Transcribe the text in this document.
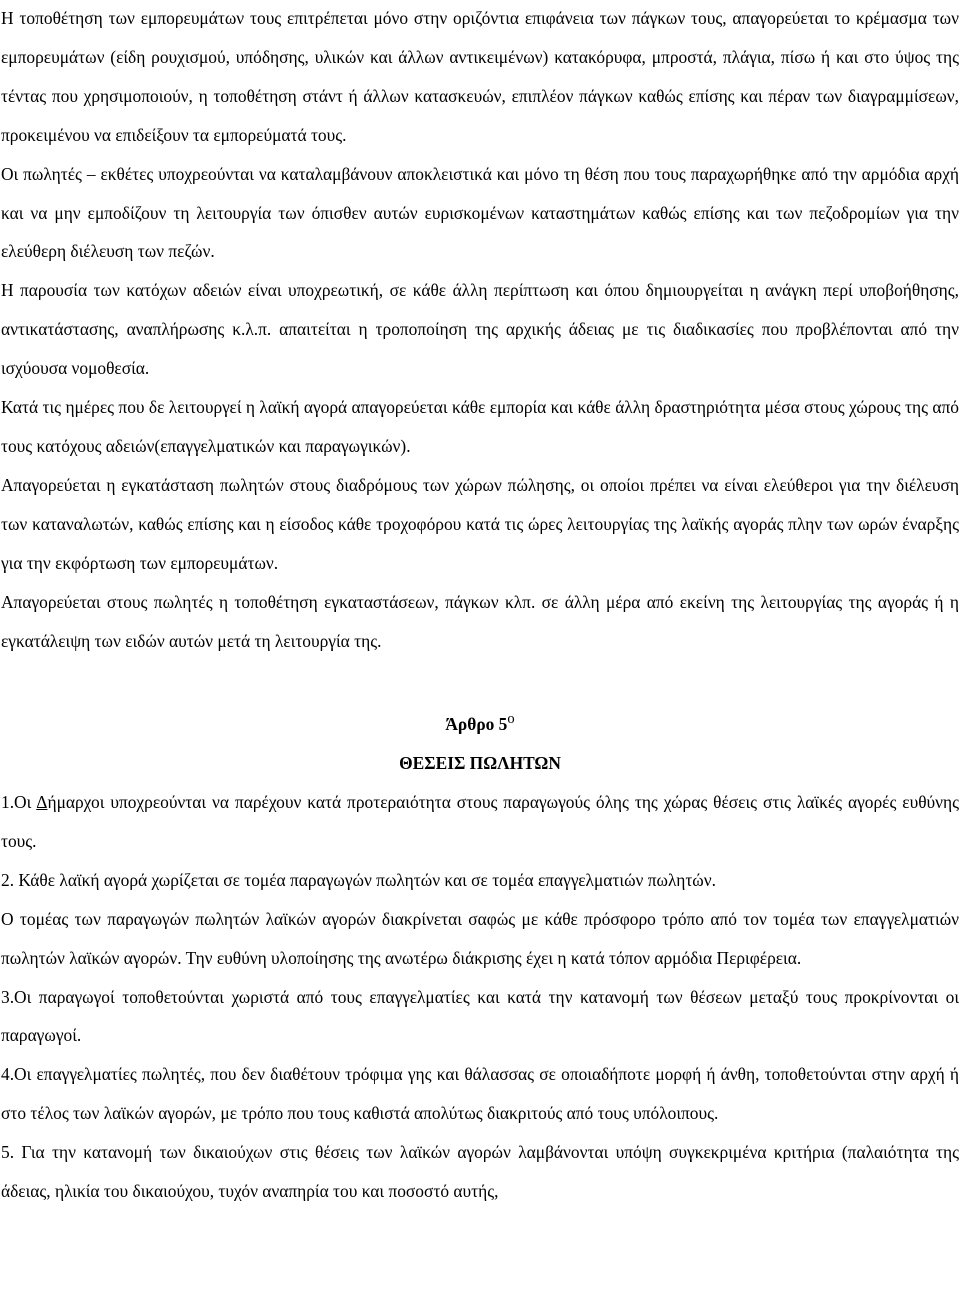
Η τοποθέτηση των εμπορευμάτων τους επιτρέπεται μόνο στην οριζόντια επιφάνεια των πάγκων τους, απαγορεύεται το κρέμασμα των εμπορευμάτων (είδη ρουχισμού, υπόδησης, υλικών και άλλων αντικειμένων) κατακόρυφα, μπροστά, πλάγια, πίσω ή και στο ύψος της τέντας που χρησιμοποιούν, η τοποθέτηση στάντ ή άλλων κατασκευών, επιπλέον πάγκων καθώς επίσης και πέραν των διαγραμμίσεων, προκειμένου να επιδείξουν τα εμπορεύματά τους.

Οι πωλητές – εκθέτες υποχρεούνται να καταλαμβάνουν αποκλειστικά και μόνο τη θέση που τους παραχωρήθηκε από την αρμόδια αρχή και να μην εμποδίζουν τη λειτουργία των όπισθεν αυτών ευρισκομένων καταστημάτων καθώς επίσης και των πεζοδρομίων για την ελεύθερη διέλευση των πεζών.

Η παρουσία των κατόχων αδειών είναι υποχρεωτική, σε κάθε άλλη περίπτωση και όπου δημιουργείται η ανάγκη περί υποβοήθησης, αντικατάστασης, αναπλήρωσης κ.λ.π. απαιτείται η τροποποίηση της αρχικής άδειας με τις διαδικασίες που προβλέπονται από την ισχύουσα νομοθεσία.

Κατά τις ημέρες που δε λειτουργεί η λαϊκή αγορά απαγορεύεται κάθε εμπορία και κάθε άλλη δραστηριότητα μέσα στους χώρους της από τους κατόχους αδειών(επαγγελματικών και παραγωγικών).

Απαγορεύεται η εγκατάσταση πωλητών στους διαδρόμους των χώρων πώλησης, οι οποίοι πρέπει να είναι ελεύθεροι για την διέλευση των καταναλωτών, καθώς επίσης και η είσοδος κάθε τροχοφόρου κατά τις ώρες λειτουργίας της λαϊκής αγοράς πλην των ωρών έναρξης για την εκφόρτωση των εμπορευμάτων.

Απαγορεύεται στους πωλητές η τοποθέτηση εγκαταστάσεων, πάγκων κλπ. σε άλλη μέρα από εκείνη της λειτουργίας της αγοράς ή η εγκατάλειψη των ειδών αυτών μετά τη λειτουργία της.

Άρθρο $5^o$

ΘΕΣΕΙΣ ΠΩΛΗΤΩΝ

1.Οι Δήμαρχοι υποχρεούνται να παρέχουν κατά προτεραιότητα στους παραγωγούς όλης της χώρας θέσεις στις λαϊκές αγορές ευθύνης τους.

2. Κάθε λαϊκή αγορά χωρίζεται σε τομέα παραγωγών πωλητών και σε τομέα επαγγελματιών πωλητών.

Ο τομέας των παραγωγών πωλητών λαϊκών αγορών διακρίνεται σαφώς με κάθε πρόσφορο τρόπο από τον τομέα των επαγγελματιών πωλητών λαϊκών αγορών. Την ευθύνη υλοποίησης της ανωτέρω διάκρισης έχει η κατά τόπον αρμόδια Περιφέρεια.

3.Οι παραγωγοί τοποθετούνται χωριστά από τους επαγγελματίες και κατά την κατανομή των θέσεων μεταξύ τους προκρίνονται οι παραγωγοί.

4.Οι επαγγελματίες πωλητές, που δεν διαθέτουν τρόφιμα γης και θάλασσας σε οποιαδήποτε μορφή ή άνθη, τοποθετούνται στην αρχή ή στο τέλος των λαϊκών αγορών, με τρόπο που τους καθιστά απολύτως διακριτούς από τους υπόλοιπους.

5. Για την κατανομή των δικαιούχων στις θέσεις των λαϊκών αγορών λαμβάνονται υπόψη συγκεκριμένα κριτήρια (παλαιότητα της άδειας, ηλικία του δικαιούχου, τυχόν αναπηρία του και ποσοστό αυτής,
